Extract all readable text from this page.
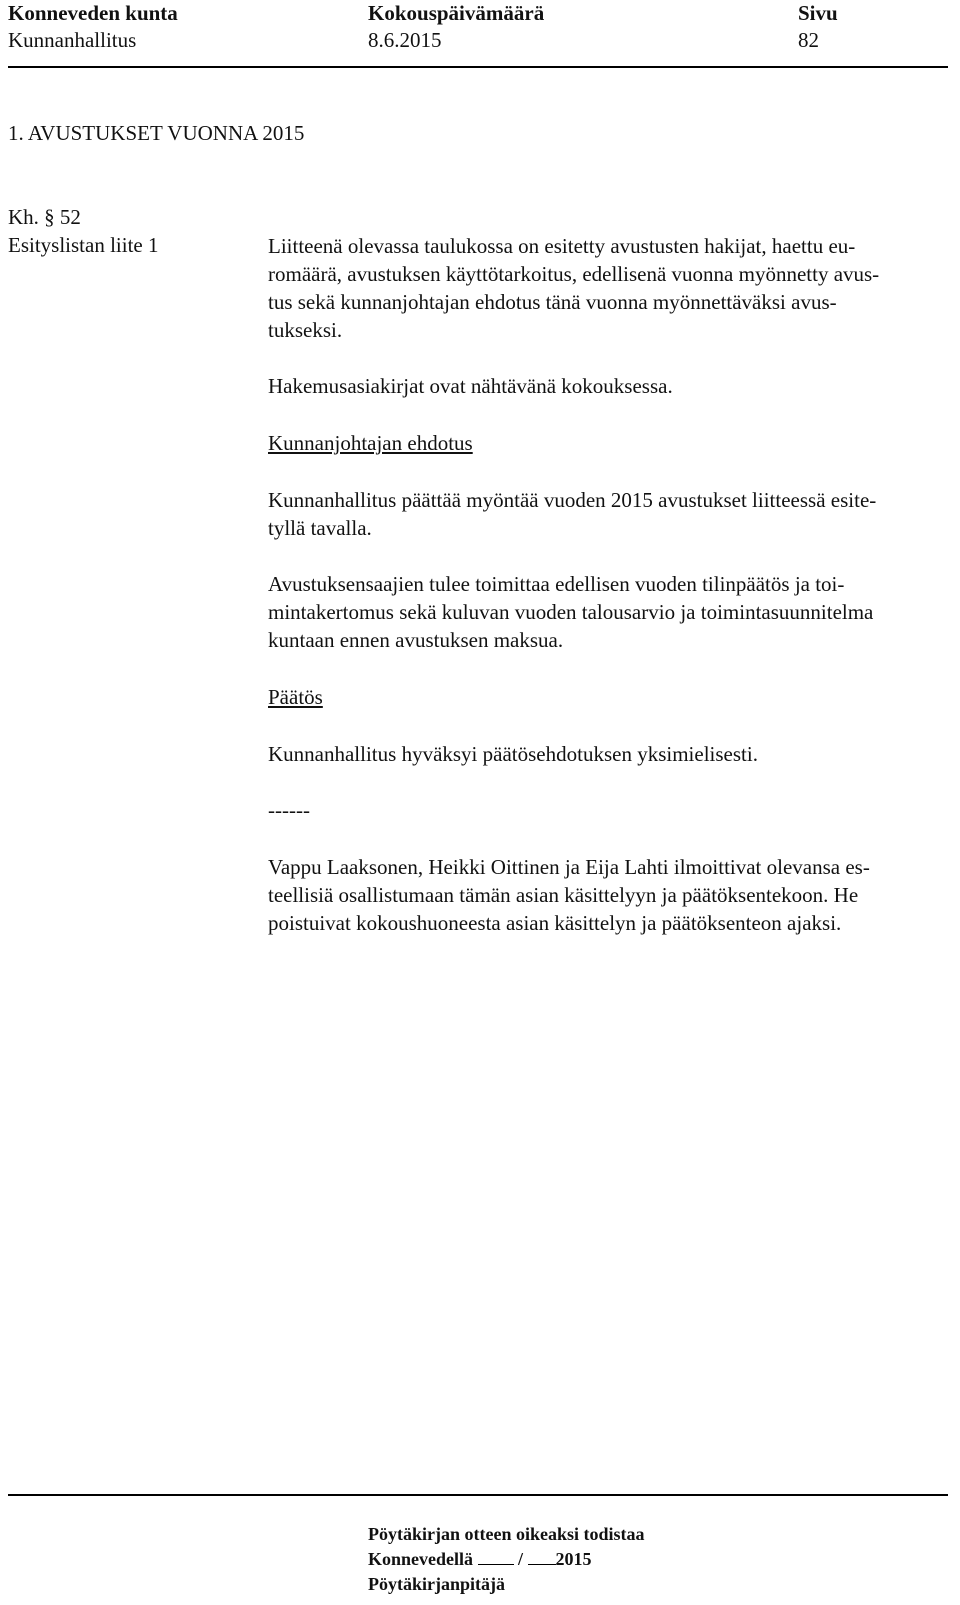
Konneveden kunta
Kunnanhallitus
Kokouspäivämäärä
8.6.2015
Sivu
82
1. AVUSTUKSET VUONNA 2015
Kh. § 52
Esityslistan liite 1	Liitteenä olevassa taulukossa on esitetty avustusten hakijat, haettu eu-
romäärä, avustuksen käyttötarkoitus, edellisenä vuonna myönnetty avus-
tus sekä kunnanjohtajan ehdotus tänä vuonna myönnettäväksi avus-
tukseksi.
Hakemusasiakirjat ovat nähtävänä kokouksessa.
Kunnanjohtajan ehdotus
Kunnanhallitus päättää myöntää vuoden 2015 avustukset liitteessä esite-
tyllä tavalla.
Avustuksensaajien tulee toimittaa edellisen vuoden tilinpäätös ja toi-
mintakertomus sekä kuluvan vuoden talousarvio ja toimintasuunnitelma
kuntaan ennen avustuksen maksua.
Päätös
Kunnanhallitus hyväksyi päätösehdotuksen yksimielisesti.
------
Vappu Laaksonen, Heikki Oittinen ja Eija Lahti ilmoittivat olevansa es-
teellisiä osallistumaan tämän asian käsittelyyn ja päätöksentekoon. He
poistuivat kokoushuoneesta asian käsittelyn ja päätöksenteon ajaksi.
Pöytäkirjan otteen oikeaksi todistaa
Konnevedellä	/ 2015
Pöytäkirjanpitäjä
